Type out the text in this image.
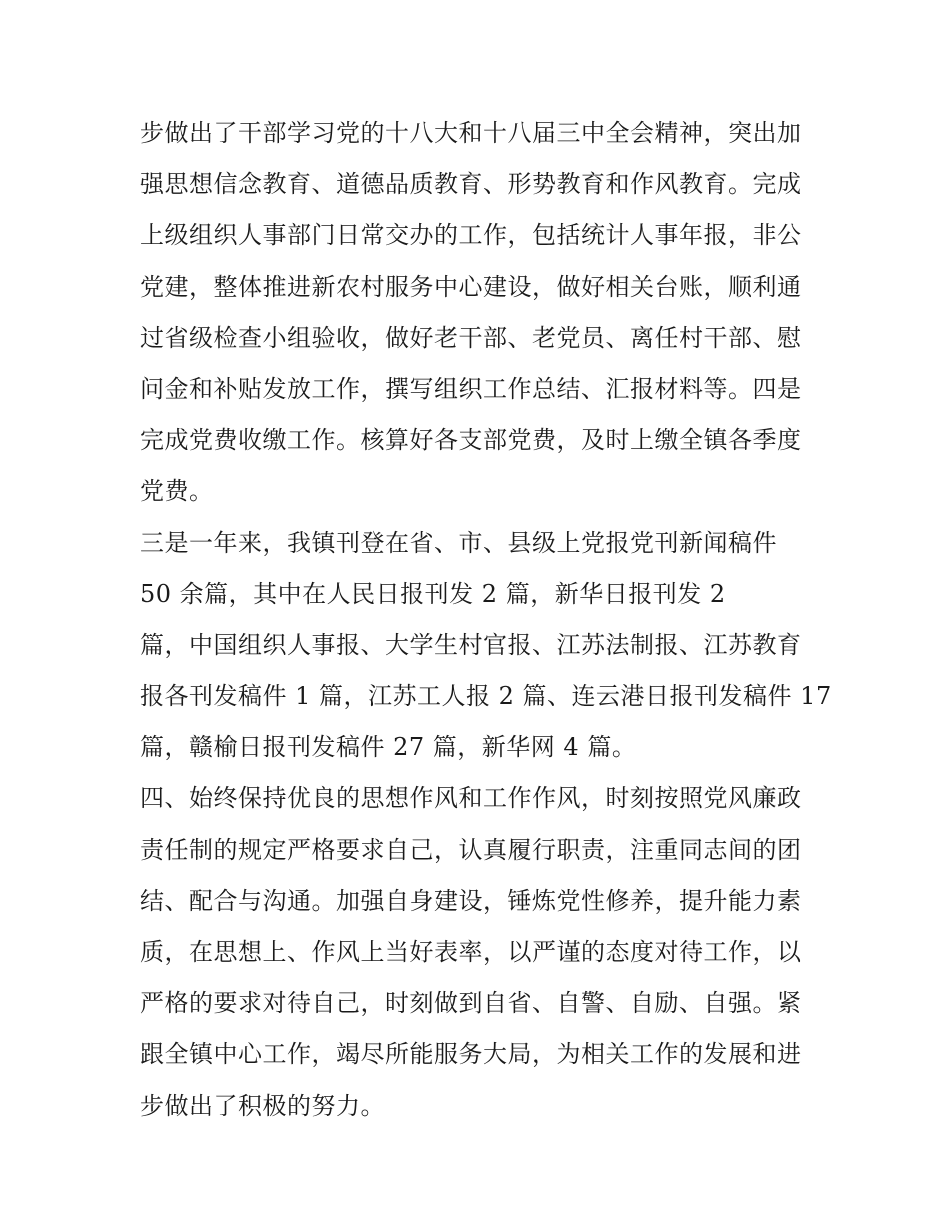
步做出了干部学习党的十八大和十八届三中全会精神，突出加
强思想信念教育、道德品质教育、形势教育和作风教育。完成
上级组织人事部门日常交办的工作，包括统计人事年报，非公
党建，整体推进新农村服务中心建设，做好相关台账，顺利通
过省级检查小组验收，做好老干部、老党员、离任村干部、慰
问金和补贴发放工作，撰写组织工作总结、汇报材料等。四是
完成党费收缴工作。核算好各支部党费，及时上缴全镇各季度
党费。
三是一年来，我镇刊登在省、市、县级上党报党刊新闻稿件
50 余篇，其中在人民日报刊发 2 篇，新华日报刊发 2
篇，中国组织人事报、大学生村官报、江苏法制报、江苏教育
报各刊发稿件 1 篇，江苏工人报 2 篇、连云港日报刊发稿件 17
篇，赣榆日报刊发稿件 27 篇，新华网 4 篇。
四、始终保持优良的思想作风和工作作风，时刻按照党风廉政
责任制的规定严格要求自己，认真履行职责，注重同志间的团
结、配合与沟通。加强自身建设，锤炼党性修养，提升能力素
质，在思想上、作风上当好表率，以严谨的态度对待工作，以
严格的要求对待自己，时刻做到自省、自警、自励、自强。紧
跟全镇中心工作，竭尽所能服务大局，为相关工作的发展和进
步做出了积极的努力。
